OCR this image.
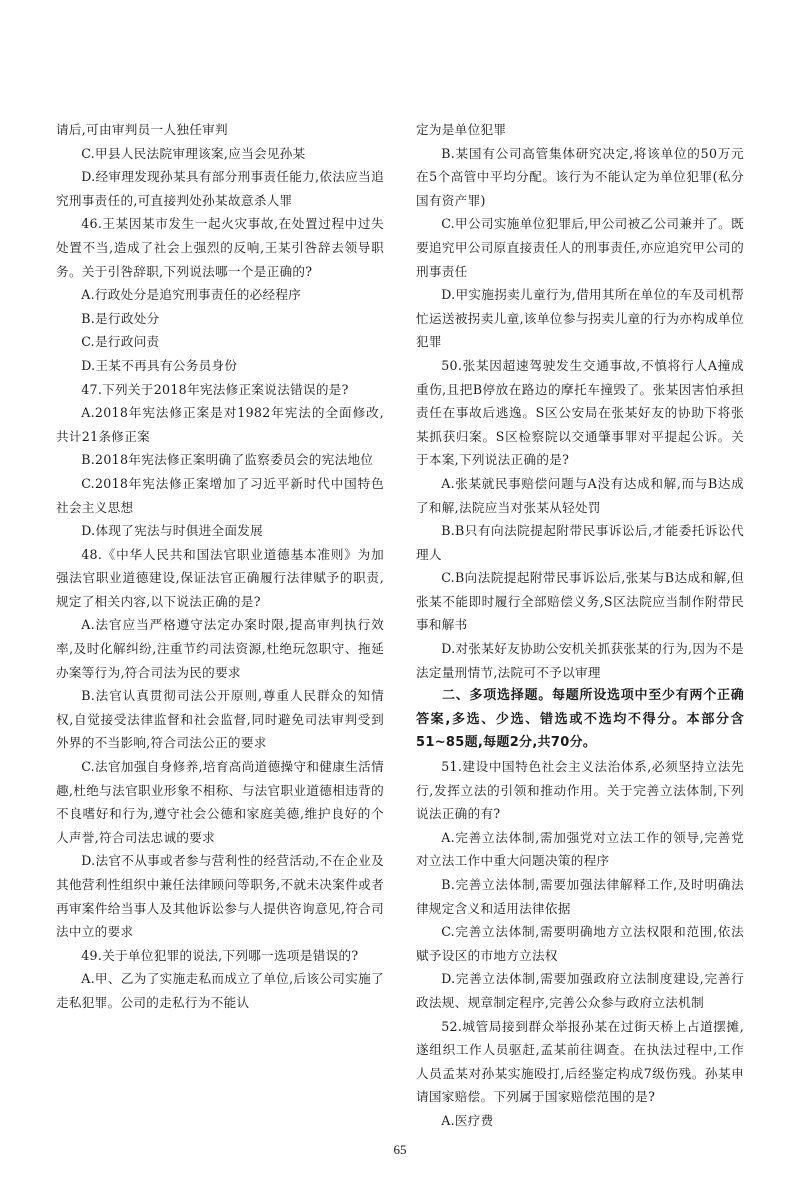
请后,可由审判员一人独任审判

C.甲县人民法院审理该案,应当会见孙某

D.经审理发现孙某具有部分刑事责任能力,依法应当追究刑事责任的,可直接判处孙某故意杀人罪

46.王某因某市发生一起火灾事故,在处置过程中过失处置不当,造成了社会上强烈的反响,王某引咎辞去领导职务。关于引咎辞职,下列说法哪一个是正确的?

A.行政处分是追究刑事责任的必经程序

B.是行政处分

C.是行政问责

D.王某不再具有公务员身份

47.下列关于2018年宪法修正案说法错误的是?

A.2018年宪法修正案是对1982年宪法的全面修改,共计21条修正案

B.2018年宪法修正案明确了监察委员会的宪法地位

C.2018年宪法修正案增加了习近平新时代中国特色社会主义思想

D.体现了宪法与时俱进全面发展

48.《中华人民共和国法官职业道德基本准则》为加强法官职业道德建设,保证法官正确履行法律赋予的职责,规定了相关内容,以下说法正确的是?

A.法官应当严格遵守法定办案时限,提高审判执行效率,及时化解纠纷,注重节约司法资源,杜绝玩忽职守、拖延办案等行为,符合司法为民的要求

B.法官认真贯彻司法公开原则,尊重人民群众的知情权,自觉接受法律监督和社会监督,同时避免司法审判受到外界的不当影响,符合司法公正的要求

C.法官加强自身修养,培育高尚道德操守和健康生活情趣,杜绝与法官职业形象不相称、与法官职业道德相违背的不良嗜好和行为,遵守社会公德和家庭美德,维护良好的个人声誉,符合司法忠诚的要求

D.法官不从事或者参与营利性的经营活动,不在企业及其他营利性组织中兼任法律顾问等职务,不就未决案件或者再审案件给当事人及其他诉讼参与人提供咨询意见,符合司法中立的要求

49.关于单位犯罪的说法,下列哪一选项是错误的?

A.甲、乙为了实施走私而成立了单位,后该公司实施了走私犯罪。公司的走私行为不能认

定为是单位犯罪

B.某国有公司高管集体研究决定,将该单位的50万元在5个高管中平均分配。该行为不能认定为单位犯罪(私分国有资产罪)

C.甲公司实施单位犯罪后,甲公司被乙公司兼并了。既要追究甲公司原直接责任人的刑事责任,亦应追究甲公司的刑事责任

D.甲实施拐卖儿童行为,借用其所在单位的车及司机帮忙运送被拐卖儿童,该单位参与拐卖儿童的行为亦构成单位犯罪

50.张某因超速驾驶发生交通事故,不慎将行人A撞成重伤,且把B停放在路边的摩托车撞毁了。张某因害怕承担责任在事故后逃逸。S区公安局在张某好友的协助下将张某抓获归案。S区检察院以交通肇事罪对平提起公诉。关于本案,下列说法正确的是?

A.张某就民事赔偿问题与A没有达成和解,而与B达成了和解,法院应当对张某从轻处罚

B.B只有向法院提起附带民事诉讼后,才能委托诉讼代理人

C.B向法院提起附带民事诉讼后,张某与B达成和解,但张某不能即时履行全部赔偿义务,S区法院应当制作附带民事和解书

D.对张某好友协助公安机关抓获张某的行为,因为不是法定量刑情节,法院可不予以审理

二、多项选择题。每题所设选项中至少有两个正确答案,多选、少选、错选或不选均不得分。本部分含51~85题,每题2分,共70分。

51.建设中国特色社会主义法治体系,必须坚持立法先行,发挥立法的引领和推动作用。关于完善立法体制,下列说法正确的有?

A.完善立法体制,需加强党对立法工作的领导,完善党对立法工作中重大问题决策的程序

B.完善立法体制,需要加强法律解释工作,及时明确法律规定含义和适用法律依据

C.完善立法体制,需要明确地方立法权限和范围,依法赋予设区的市地方立法权

D.完善立法体制,需要加强政府立法制度建设,完善行政法规、规章制定程序,完善公众参与政府立法机制

52.城管局接到群众举报孙某在过街天桥上占道摆摊,遂组织工作人员驱赶,孟某前往调查。在执法过程中,工作人员孟某对孙某实施殴打,后经鉴定构成7级伤残。孙某申请国家赔偿。下列属于国家赔偿范围的是?

A.医疗费

65
